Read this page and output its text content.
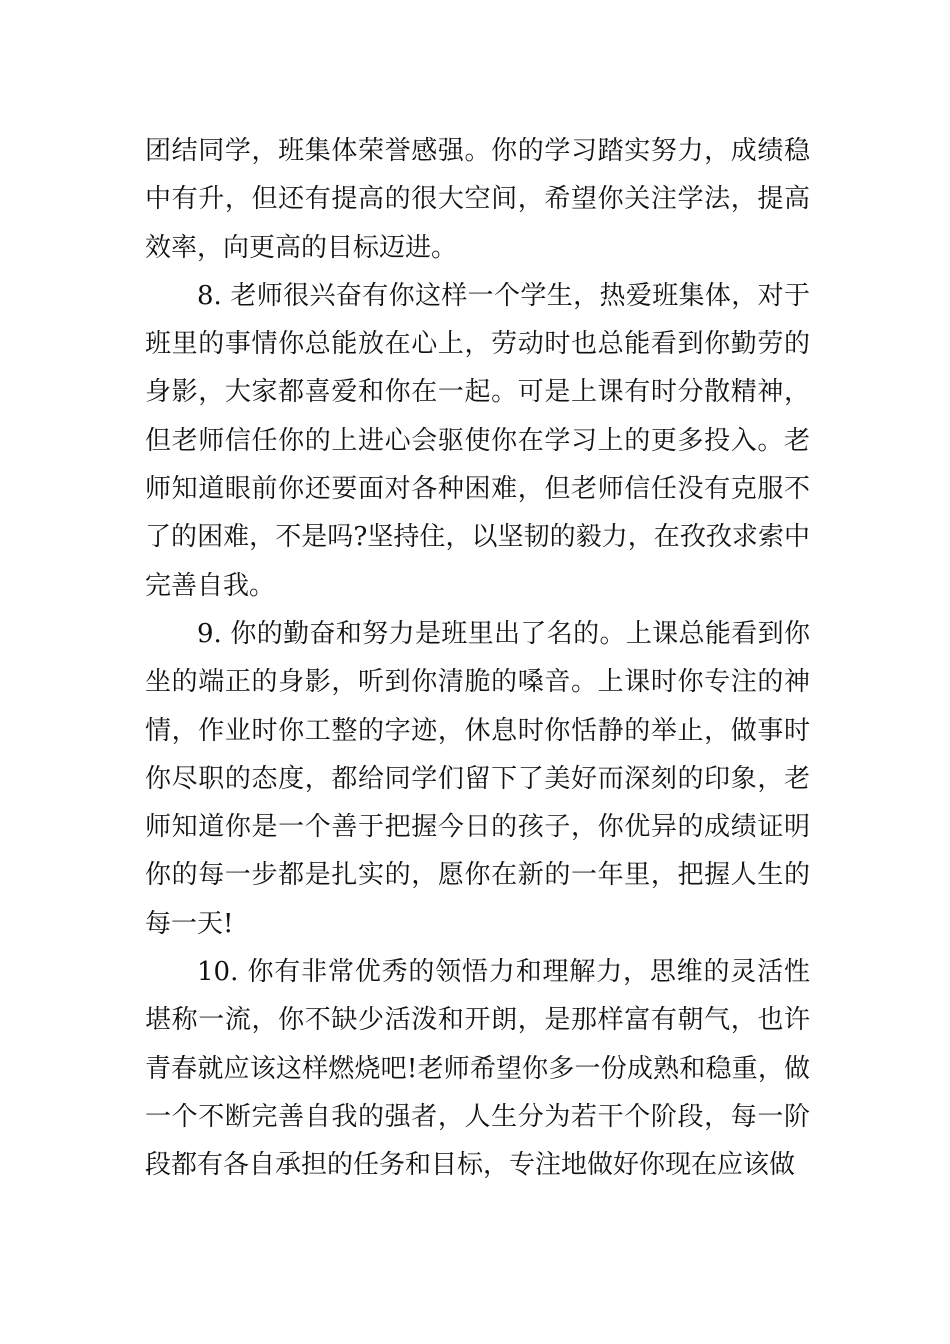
团结同学，班集体荣誉感强。你的学习踏实努力，成绩稳中有升，但还有提高的很大空间，希望你关注学法，提高效率，向更高的目标迈进。

8. 老师很兴奋有你这样一个学生，热爱班集体，对于班里的事情你总能放在心上，劳动时也总能看到你勤劳的身影，大家都喜爱和你在一起。可是上课有时分散精神，但老师信任你的上进心会驱使你在学习上的更多投入。老师知道眼前你还要面对各种困难，但老师信任没有克服不了的困难，不是吗?坚持住，以坚韧的毅力，在孜孜求索中完善自我。

9. 你的勤奋和努力是班里出了名的。上课总能看到你坐的端正的身影，听到你清脆的嗓音。上课时你专注的神情，作业时你工整的字迹，休息时你恬静的举止，做事时你尽职的态度，都给同学们留下了美好而深刻的印象，老师知道你是一个善于把握今日的孩子，你优异的成绩证明你的每一步都是扎实的，愿你在新的一年里，把握人生的每一天!

10. 你有非常优秀的领悟力和理解力，思维的灵活性堪称一流，你不缺少活泼和开朗，是那样富有朝气，也许青春就应该这样燃烧吧!老师希望你多一份成熟和稳重，做一个不断完善自我的强者，人生分为若干个阶段，每一阶段都有各自承担的任务和目标，专注地做好你现在应该做
